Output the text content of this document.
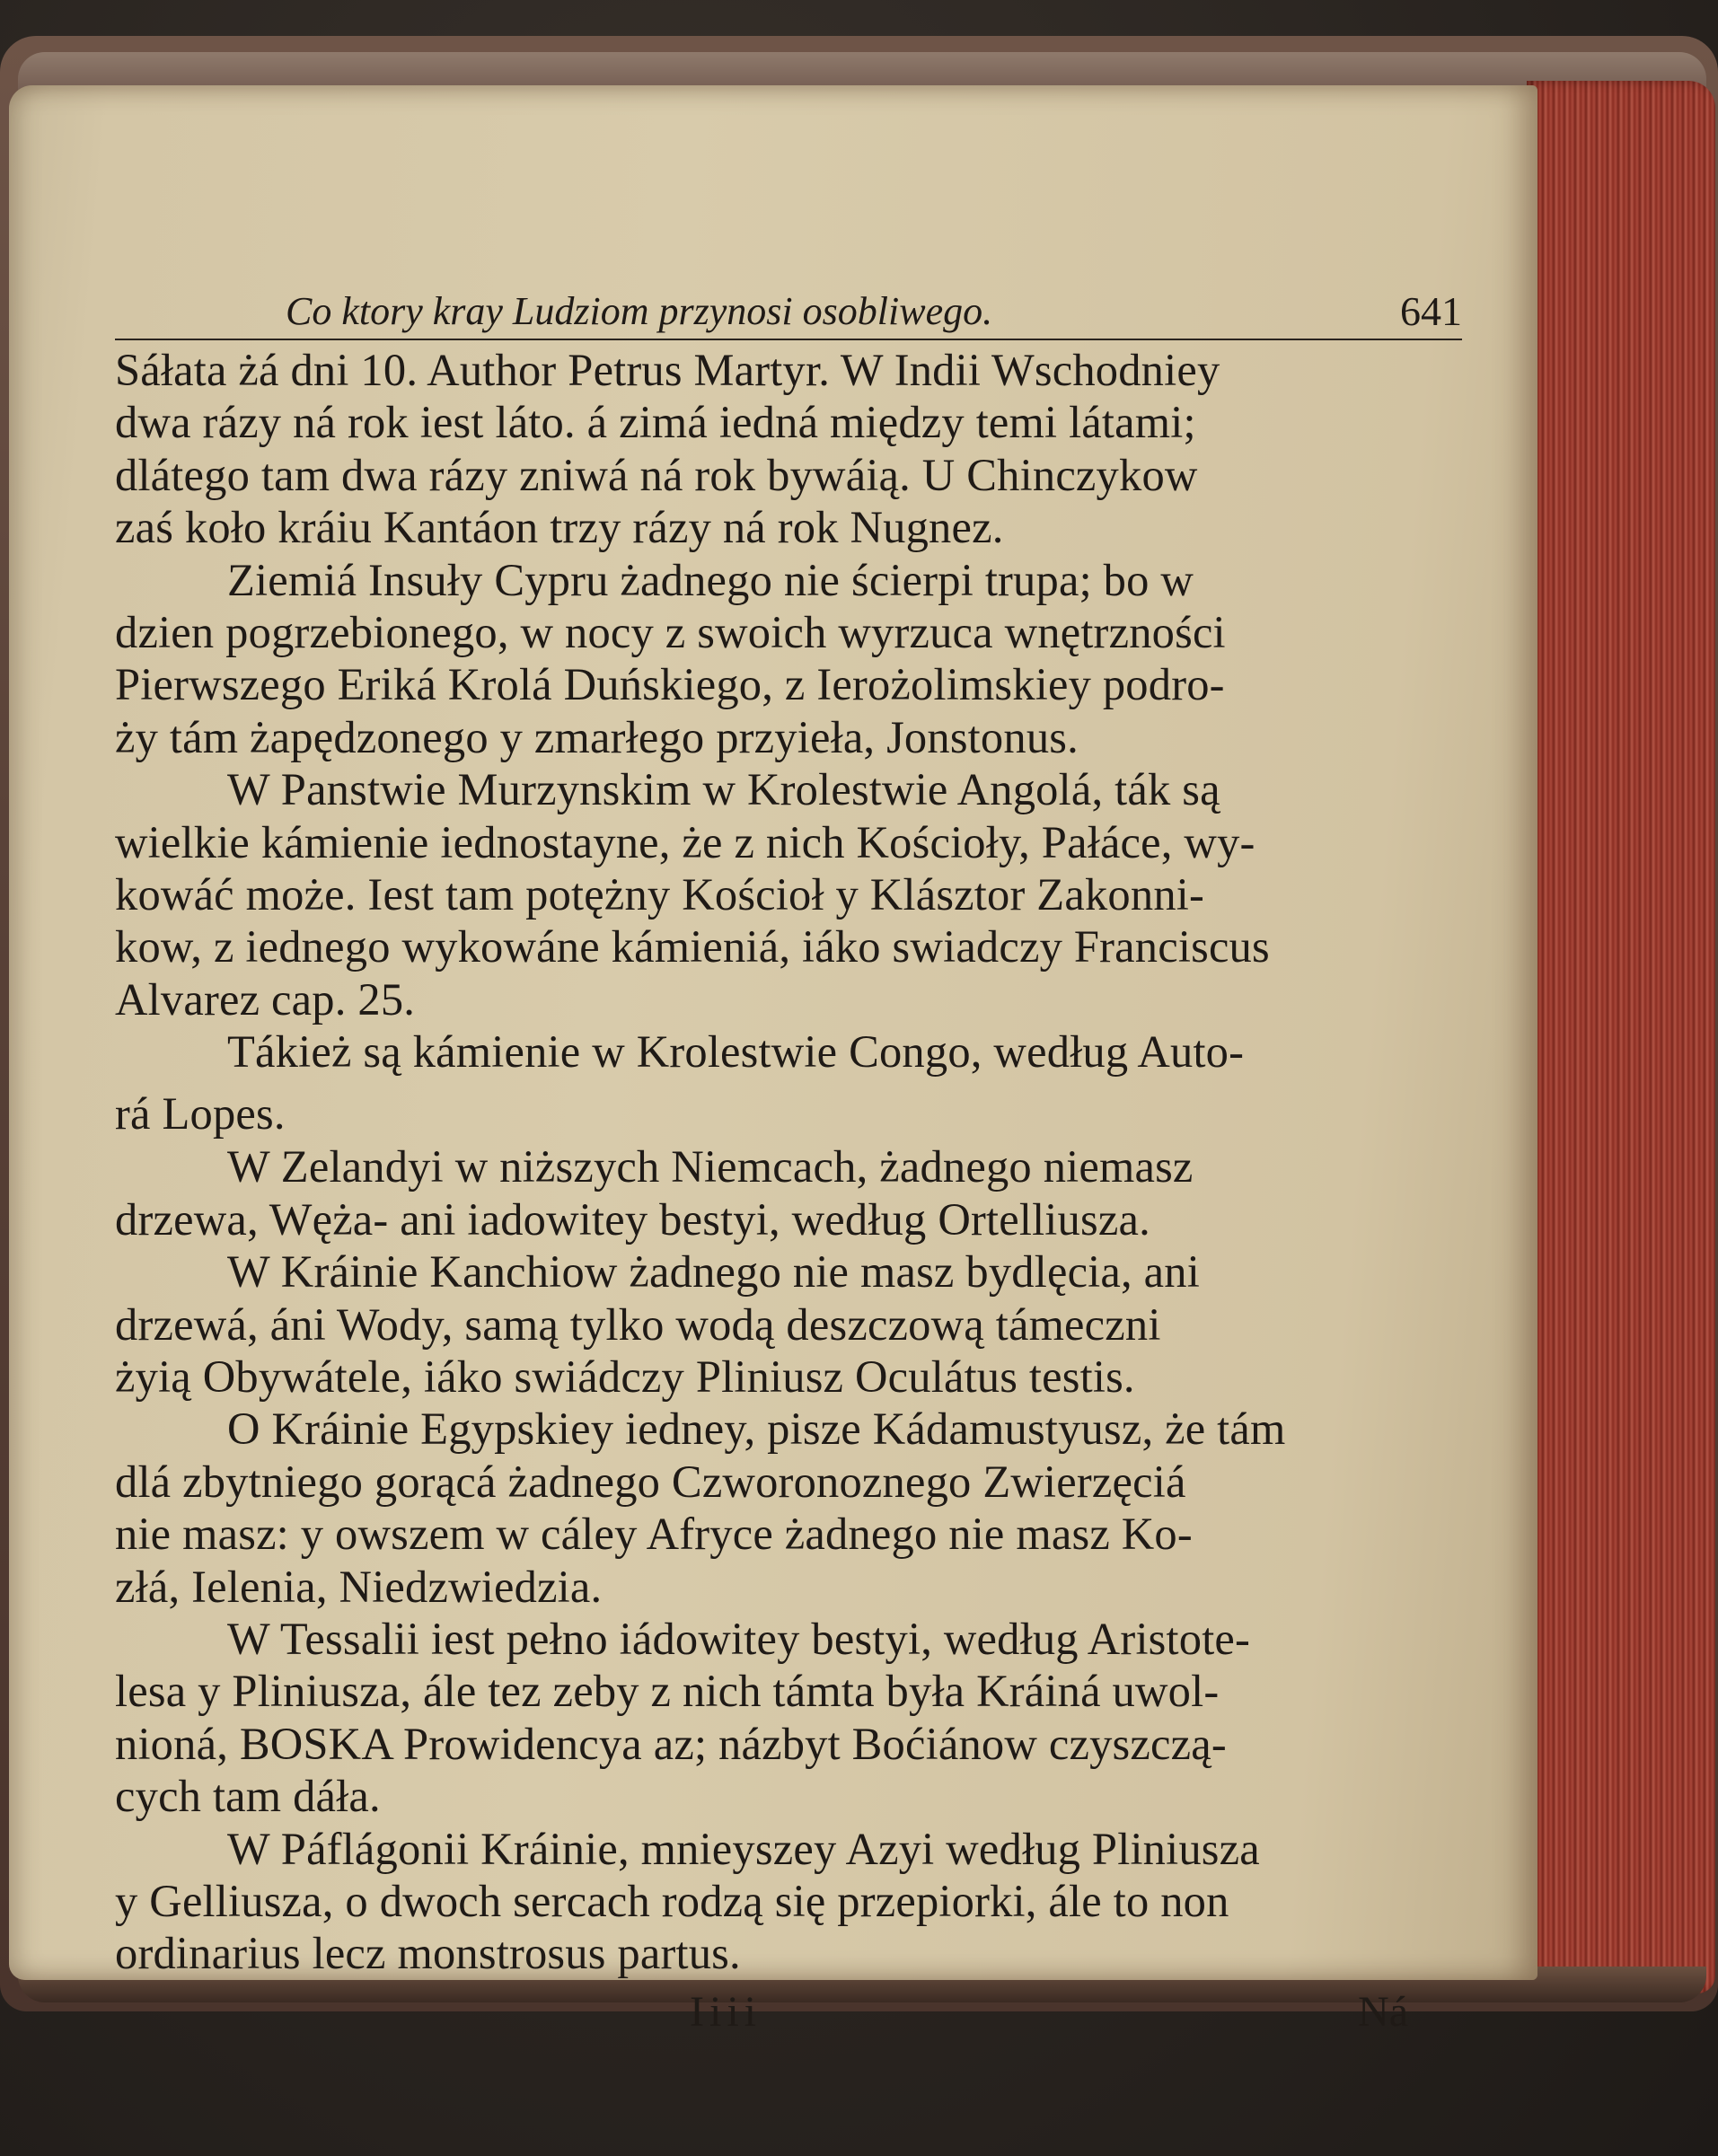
Co ktory kray Ludziom przynosi osobliwego.	641
Sáłata żá dni 10. Author Petrus Martyr. W Indii Wschodniey
dwa rázy ná rok iest láto. á zimá iedná między temi látami;
dlátego tam dwa rázy zniwá ná rok bywáią. U Chinczykow
zaś koło kráiu Kantáon trzy rázy ná rok Nugnez.
Ziemiá Insuły Cypru żadnego nie ścierpi trupa; bo w
dzien pogrzebionego, w nocy z swoich wyrzuca wnętrzności
Pierwszego Eriká Krolá Duńskiego, z Ierożolimskiey podro-
ży tám żapędzonego y zmarłego przyieła, Jonstonus.
W Panstwie Murzynskim w Krolestwie Angolá, ták są
wielkie kámienie iednostayne, że z nich Kościoły, Pałáce, wy-
kowáć może. Iest tam potężny Kościoł y Klásztor Zakonni-
kow, z iednego wykowáne kámieniá, iáko swiadczy Franciscus
Alvarez cap. 25.
Tákież są kámienie w Krolestwie Congo, według Auto-
rá Lopes.
W Zelandyi w niższych Niemcach, żadnego niemasz
drzewa, Węża- ani iadowitey bestyi, według Ortelliusza.
W Kráinie Kanchiow żadnego nie masz bydlęcia, ani
drzewá, áni Wody, samą tylko wodą deszczową támeczni
żyią Obywátele, iáko swiádczy Pliniusz Oculátus testis.
O Kráinie Egypskiey iedney, pisze Kádamustyusz, że tám
dlá zbytniego gorącá żadnego Czworonoznego Zwierzęciá
nie masz: y owszem w cáley Afryce żadnego nie masz Ko-
złá, Ielenia, Niedzwiedzia.
W Tessalii iest pełno iádowitey bestyi, według Aristote-
lesa y Pliniusza, ále tez zeby z nich támta była Kráiná uwol-
nioná, BOSKA Prowidencya az; názbyt Boćiánow czyszczą-
cych tam dáła.
W Páflágonii Kráinie, mnieyszey Azyi według Pliniusza
y Gelliusza, o dwoch sercach rodzą się przepiorki, ále to non
ordinarius lecz monstrosus partus.
Iiii	Ná
